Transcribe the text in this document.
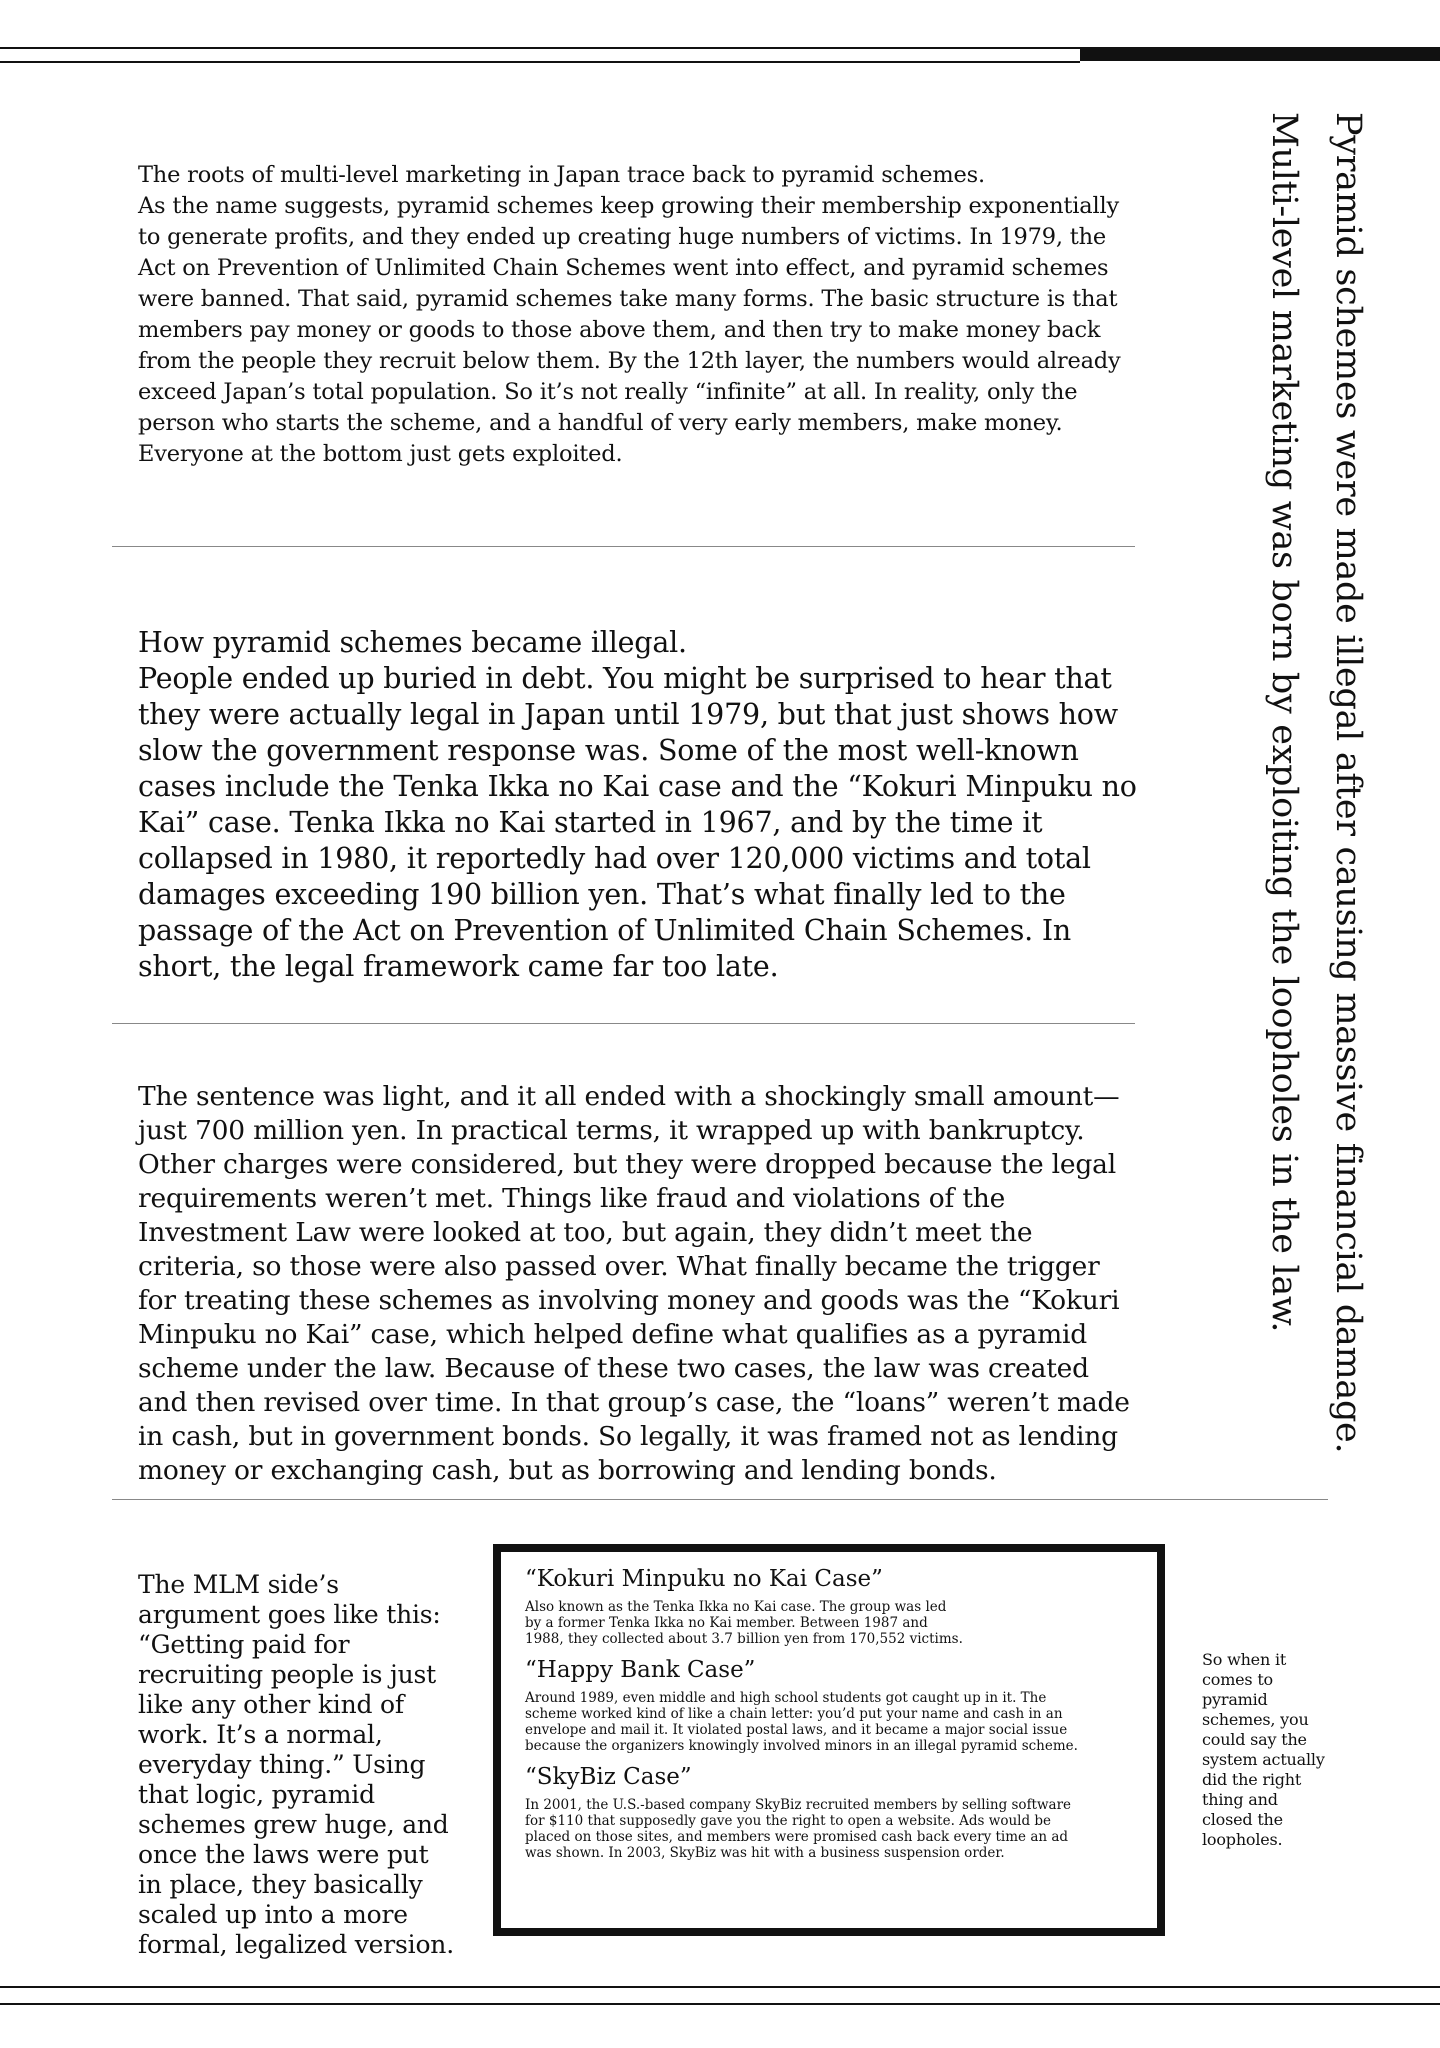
Pyramid schemes were made illegal after causing massive financial damage.
Multi-level marketing was born by exploiting the loopholes in the law.

The roots of multi-level marketing in Japan trace back to pyramid schemes.
As the name suggests, pyramid schemes keep growing their membership exponentially to generate profits, and they ended up creating huge numbers of victims. In 1979, the Act on Prevention of Unlimited Chain Schemes went into effect, and pyramid schemes were banned. That said, pyramid schemes take many forms. The basic structure is that members pay money or goods to those above them, and then try to make money back from the people they recruit below them. By the 12th layer, the numbers would already exceed Japan’s total population. So it’s not really “infinite” at all. In reality, only the person who starts the scheme, and a handful of very early members, make money. Everyone at the bottom just gets exploited.

How pyramid schemes became illegal.
People ended up buried in debt. You might be surprised to hear that they were actually legal in Japan until 1979, but that just shows how slow the government response was. Some of the most well-known cases include the Tenka Ikka no Kai case and the “Kokuri Minpuku no Kai” case. Tenka Ikka no Kai started in 1967, and by the time it collapsed in 1980, it reportedly had over 120,000 victims and total damages exceeding 190 billion yen. That’s what finally led to the passage of the Act on Prevention of Unlimited Chain Schemes. In short, the legal framework came far too late.

The sentence was light, and it all ended with a shockingly small amount—just 700 million yen. In practical terms, it wrapped up with bankruptcy. Other charges were considered, but they were dropped because the legal requirements weren’t met. Things like fraud and violations of the Investment Law were looked at too, but again, they didn’t meet the criteria, so those were also passed over. What finally became the trigger for treating these schemes as involving money and goods was the “Kokuri Minpuku no Kai” case, which helped define what qualifies as a pyramid scheme under the law. Because of these two cases, the law was created and then revised over time. In that group’s case, the “loans” weren’t made in cash, but in government bonds. So legally, it was framed not as lending money or exchanging cash, but as borrowing and lending bonds.

The MLM side’s argument goes like this:
“Getting paid for recruiting people is just like any other kind of work. It’s a normal, everyday thing.” Using that logic, pyramid schemes grew huge, and once the laws were put in place, they basically scaled up into a more formal, legalized version.

“Kokuri Minpuku no Kai Case”

Also known as the Tenka Ikka no Kai case. The group was led
by a former Tenka Ikka no Kai member. Between 1987 and
1988, they collected about 3.7 billion yen from 170,552 victims.

“Happy Bank Case”

Around 1989, even middle and high school students got caught up in it. The
scheme worked kind of like a chain letter: you’d put your name and cash in an
envelope and mail it. It violated postal laws, and it became a major social issue
because the organizers knowingly involved minors in an illegal pyramid scheme.

“SkyBiz Case”

In 2001, the U.S.-based company SkyBiz recruited members by selling software
for $110 that supposedly gave you the right to open a website. Ads would be
placed on those sites, and members were promised cash back every time an ad
was shown. In 2003, SkyBiz was hit with a business suspension order.

So when it comes to pyramid schemes, you could say the system actually did the right thing and closed the loopholes.
